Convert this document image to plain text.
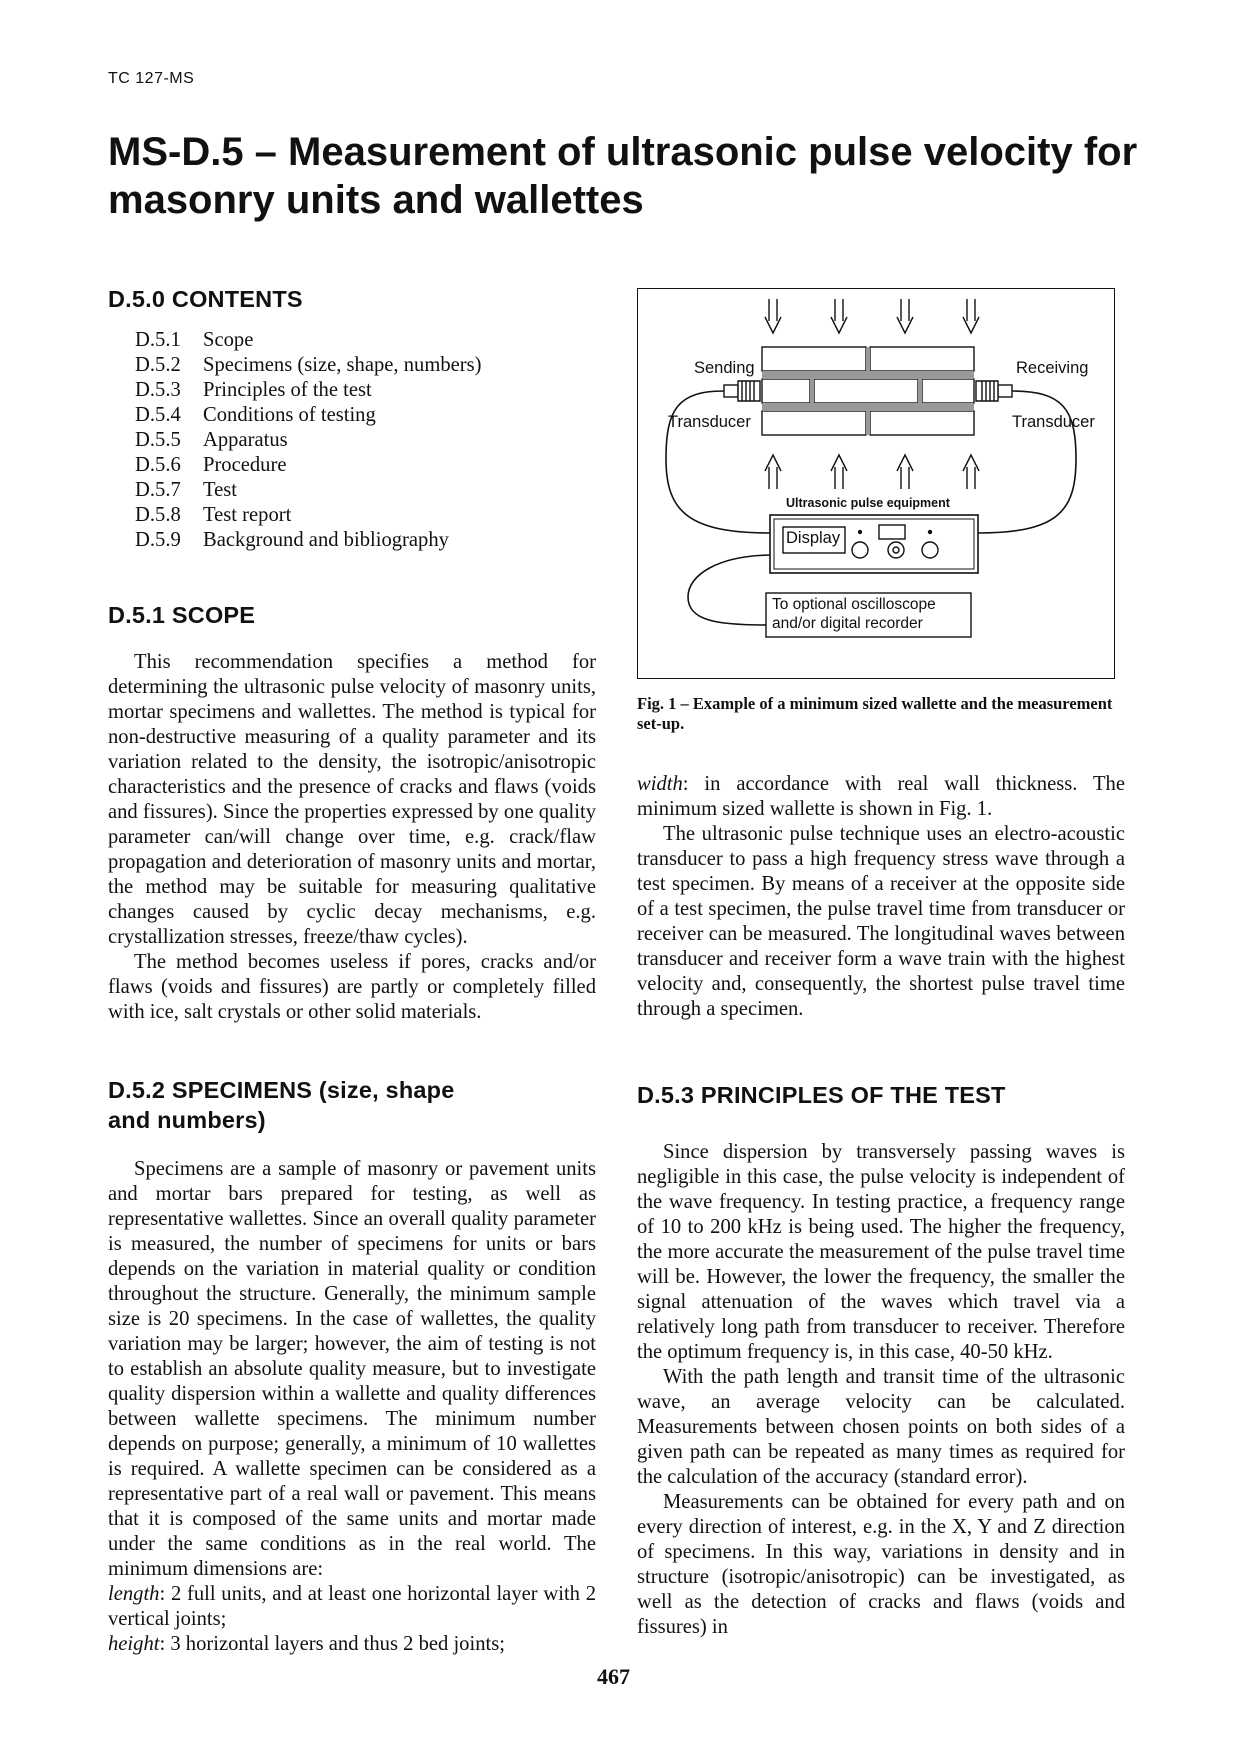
TC 127-MS
MS-D.5 – Measurement of ultrasonic pulse velocity for masonry units and wallettes
D.5.0 CONTENTS
D.5.1	Scope
D.5.2	Specimens (size, shape, numbers)
D.5.3	Principles of the test
D.5.4	Conditions of testing
D.5.5	Apparatus
D.5.6	Procedure
D.5.7	Test
D.5.8	Test report
D.5.9	Background and bibliography
D.5.1 SCOPE

This recommendation specifies a method for determining the ultrasonic pulse velocity of masonry units, mortar specimens and wallettes. The method is typical for non-destructive measuring of a quality parameter and its variation related to the density, the isotropic/anisotropic characteristics and the presence of cracks and flaws (voids and fissures). Since the properties expressed by one quality parameter can/will change over time, e.g. crack/flaw propagation and deterioration of masonry units and mortar, the method may be suitable for measuring qualitative changes caused by cyclic decay mechanisms, e.g. crystallization stresses, freeze/thaw cycles).

The method becomes useless if pores, cracks and/or flaws (voids and fissures) are partly or completely filled with ice, salt crystals or other solid materials.

D.5.2 SPECIMENS (size, shape and numbers)

Specimens are a sample of masonry or pavement units and mortar bars prepared for testing, as well as representative wallettes. Since an overall quality parameter is measured, the number of specimens for units or bars depends on the variation in material quality or condition throughout the structure. Generally, the minimum sample size is 20 specimens. In the case of wallettes, the quality variation may be larger; however, the aim of testing is not to establish an absolute quality measure, but to investigate quality dispersion within a wallette and quality differences between wallette specimens. The minimum number depends on purpose; generally, a minimum of 10 wallettes is required. A wallette specimen can be considered as a representative part of a real wall or pavement. This means that it is composed of the same units and mortar made under the same conditions as in the real world. The minimum dimensions are:

length: 2 full units, and at least one horizontal layer with 2 vertical joints;

height: 3 horizontal layers and thus 2 bed joints;

Sending	Receiving
Transducer	Transducer
Ultrasonic pulse equipment
Display
To optional oscilloscope
and/or digital recorder
Fig. 1 – Example of a minimum sized wallette and the measurement set-up.

width: in accordance with real wall thickness. The minimum sized wallette is shown in Fig. 1.

The ultrasonic pulse technique uses an electro-acoustic transducer to pass a high frequency stress wave through a test specimen. By means of a receiver at the opposite side of a test specimen, the pulse travel time from transducer or receiver can be measured. The longitudinal waves between transducer and receiver form a wave train with the highest velocity and, consequently, the shortest pulse travel time through a specimen.

D.5.3 PRINCIPLES OF THE TEST

Since dispersion by transversely passing waves is negligible in this case, the pulse velocity is independent of the wave frequency. In testing practice, a frequency range of 10 to 200 kHz is being used. The higher the frequency, the more accurate the measurement of the pulse travel time will be. However, the lower the frequency, the smaller the signal attenuation of the waves which travel via a relatively long path from transducer to receiver. Therefore the optimum frequency is, in this case, 40-50 kHz.

With the path length and transit time of the ultrasonic wave, an average velocity can be calculated. Measurements between chosen points on both sides of a given path can be repeated as many times as required for the calculation of the accuracy (standard error).

Measurements can be obtained for every path and on every direction of interest, e.g. in the X, Y and Z direction of specimens. In this way, variations in density and in structure (isotropic/anisotropic) can be investigated, as well as the detection of cracks and flaws (voids and fissures) in

467
